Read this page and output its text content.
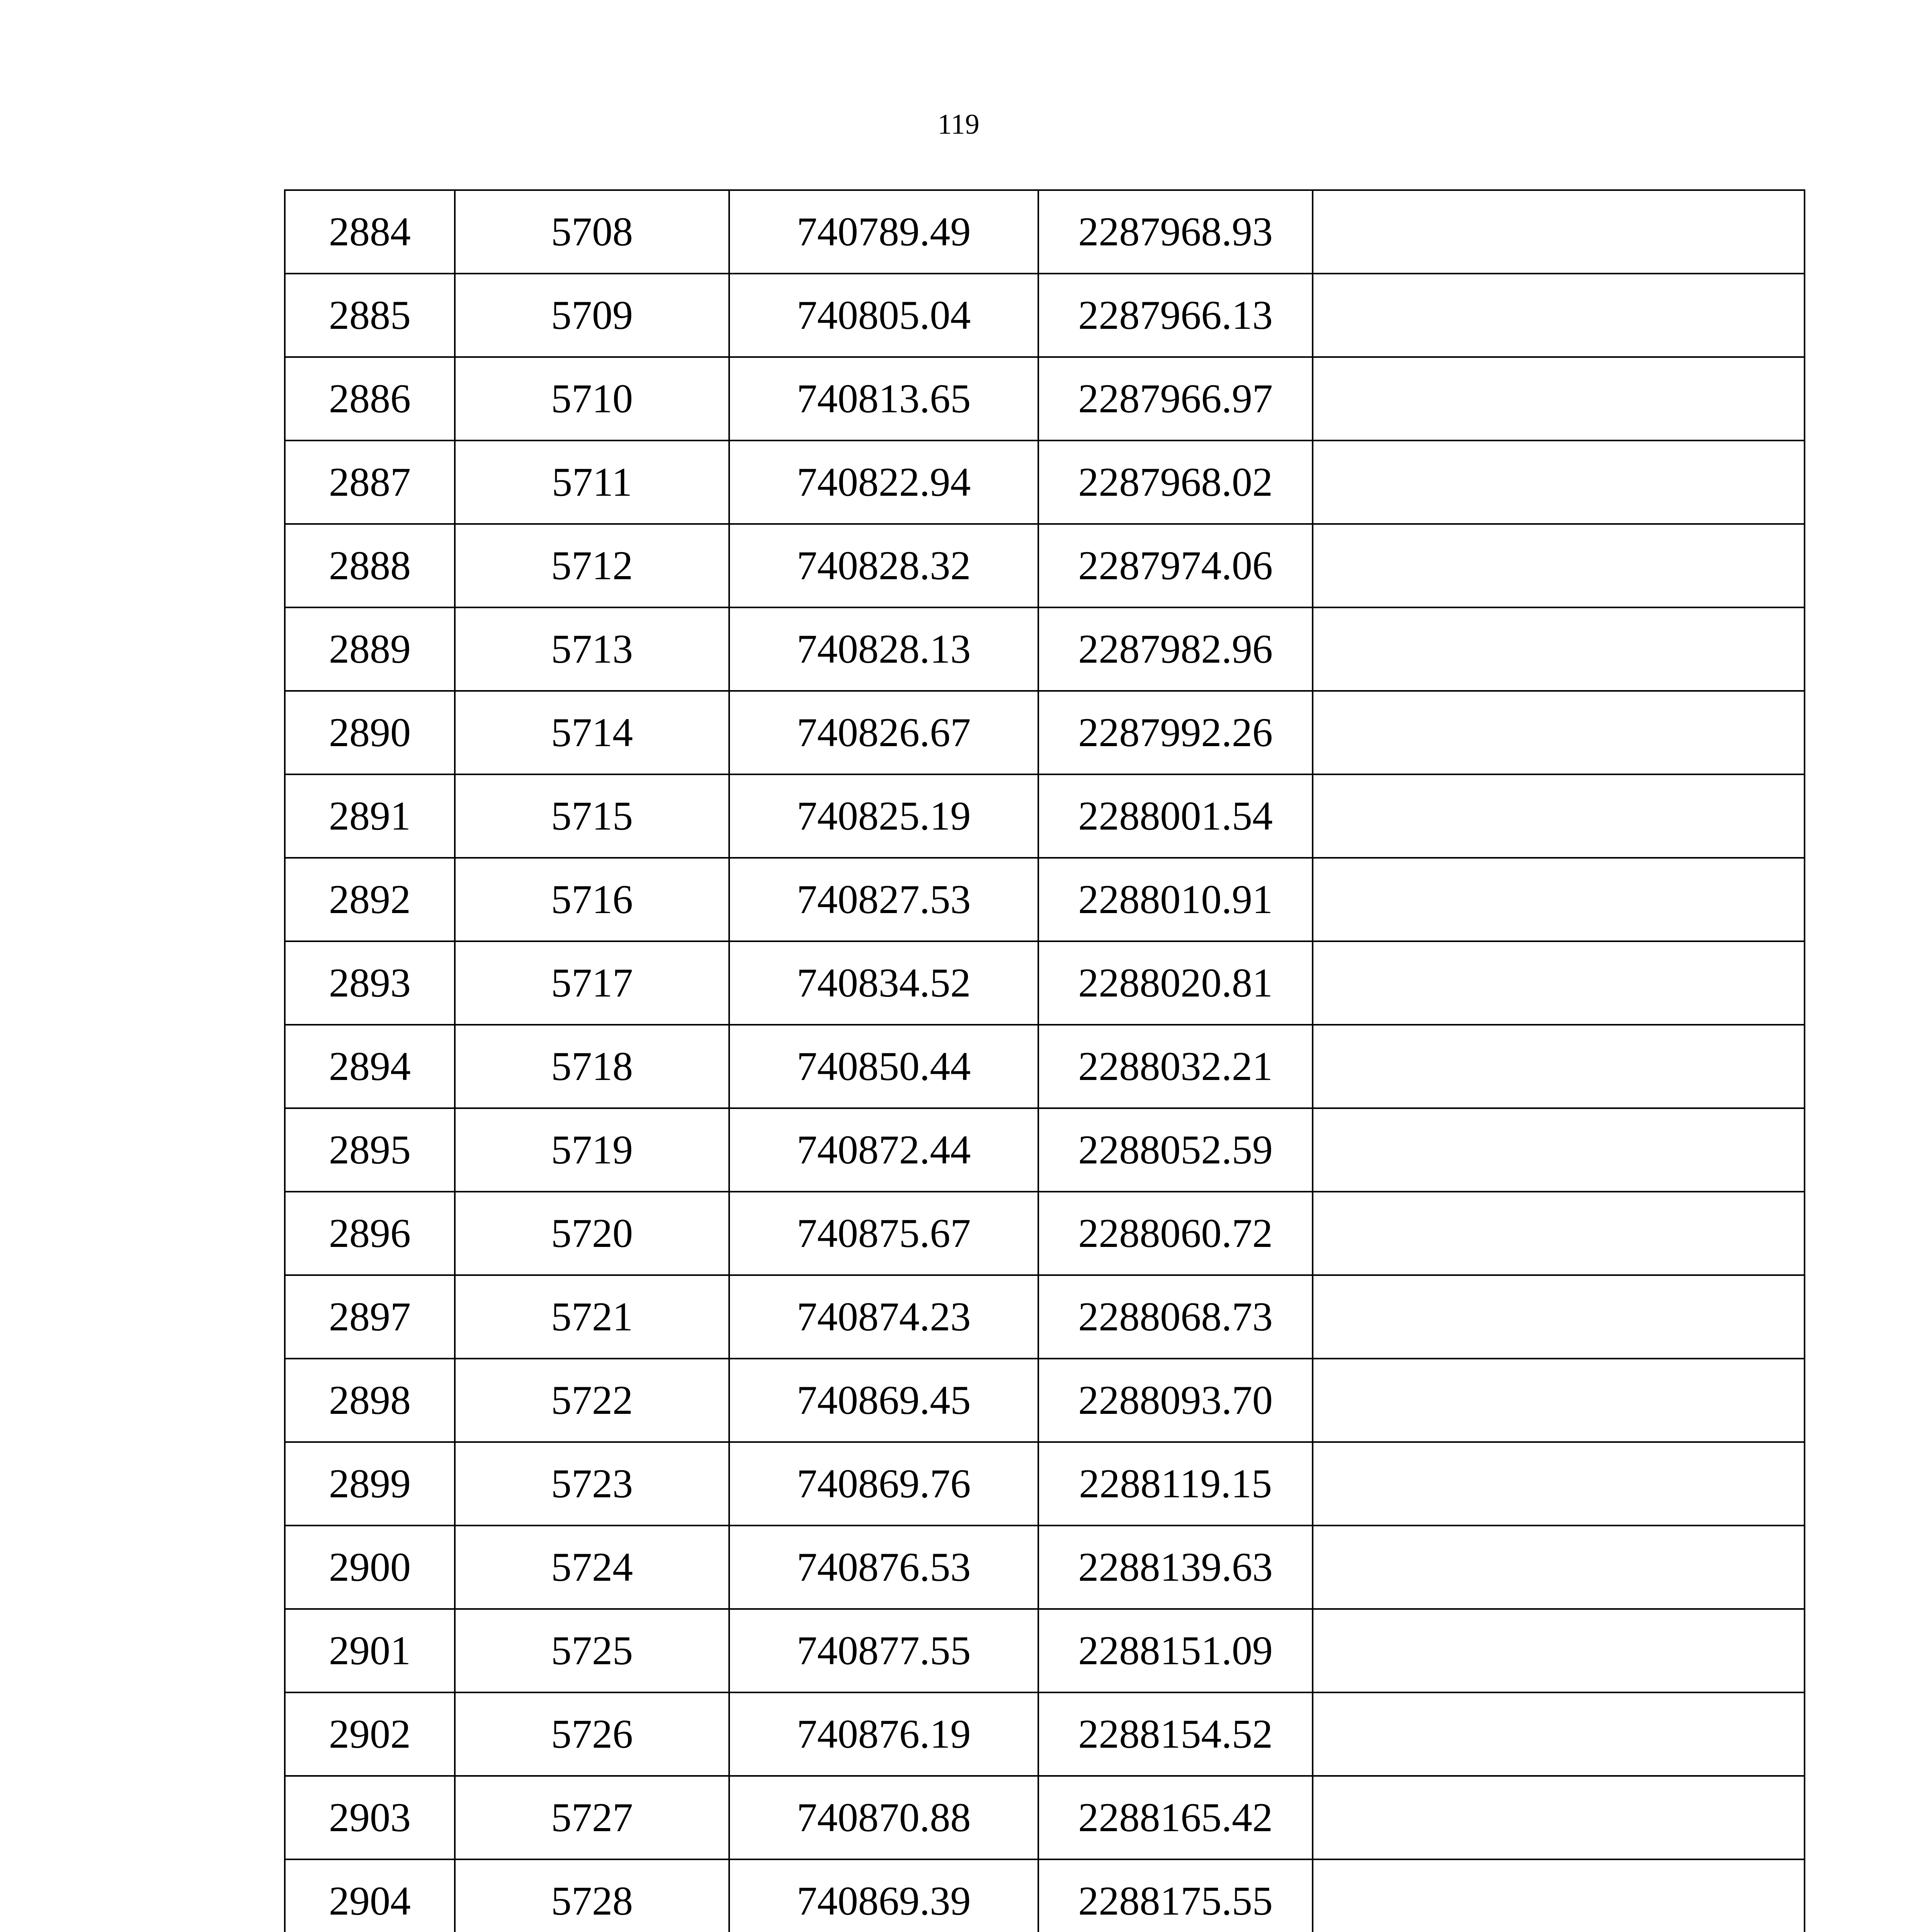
119
2884	5708	740789.49	2287968.93	
2885	5709	740805.04	2287966.13	
2886	5710	740813.65	2287966.97	
2887	5711	740822.94	2287968.02	
2888	5712	740828.32	2287974.06	
2889	5713	740828.13	2287982.96	
2890	5714	740826.67	2287992.26	
2891	5715	740825.19	2288001.54	
2892	5716	740827.53	2288010.91	
2893	5717	740834.52	2288020.81	
2894	5718	740850.44	2288032.21	
2895	5719	740872.44	2288052.59	
2896	5720	740875.67	2288060.72	
2897	5721	740874.23	2288068.73	
2898	5722	740869.45	2288093.70	
2899	5723	740869.76	2288119.15	
2900	5724	740876.53	2288139.63	
2901	5725	740877.55	2288151.09	
2902	5726	740876.19	2288154.52	
2903	5727	740870.88	2288165.42	
2904	5728	740869.39	2288175.55	
